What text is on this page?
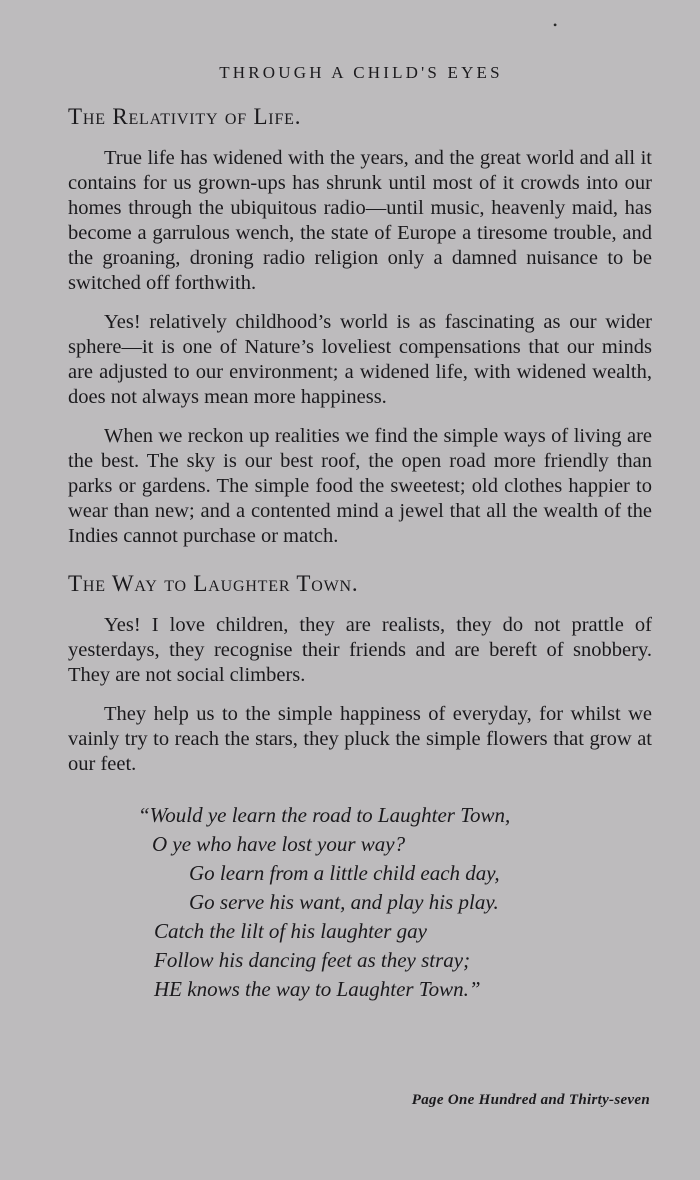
•
THROUGH A CHILD'S EYES
The Relativity of Life.

True life has widened with the years, and the great world and all it contains for us grown-ups has shrunk until most of it crowds into our homes through the ubiquitous radio—until music, heavenly maid, has become a garrulous wench, the state of Europe a tiresome trouble, and the groaning, droning radio religion only a damned nuisance to be switched off forthwith.

Yes! relatively childhood’s world is as fascinating as our wider sphere—it is one of Nature’s loveliest compensations that our minds are adjusted to our environment; a widened life, with widened wealth, does not always mean more happiness.

When we reckon up realities we find the simple ways of living are the best. The sky is our best roof, the open road more friendly than parks or gardens. The simple food the sweetest; old clothes happier to wear than new; and a contented mind a jewel that all the wealth of the Indies cannot purchase or match.

The Way to Laughter Town.

Yes! I love children, they are realists, they do not prattle of yesterdays, they recognise their friends and are bereft of snobbery. They are not social climbers.

They help us to the simple happiness of everyday, for whilst we vainly try to reach the stars, they pluck the simple flowers that grow at our feet.

“Would ye learn the road to Laughter Town,
O ye who have lost your way?
Go learn from a little child each day,
Go serve his want, and play his play.
Catch the lilt of his laughter gay
Follow his dancing feet as they stray;
HE knows the way to Laughter Town.”
Page One Hundred and Thirty-seven
